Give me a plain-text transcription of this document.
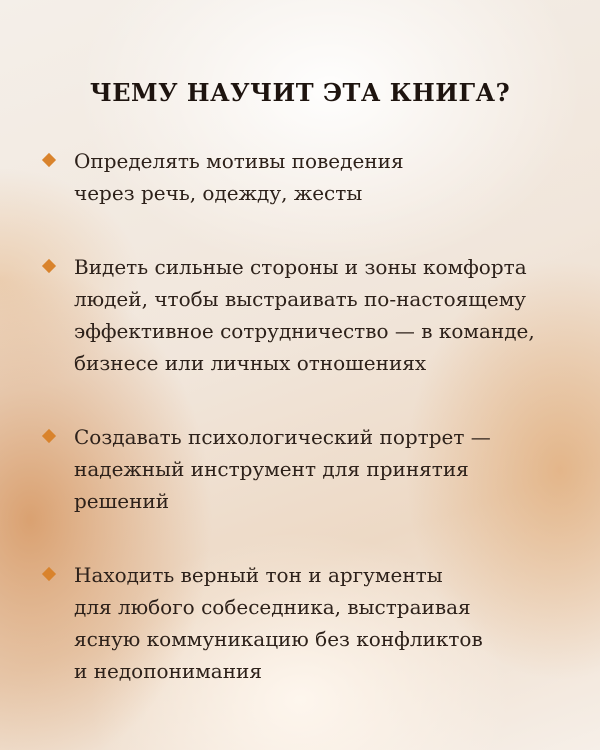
ЧЕМУ НАУЧИТ ЭТА КНИГА?
Определять мотивы поведения
через речь, одежду, жесты
Видеть сильные стороны и зоны комфорта
людей, чтобы выстраивать по-настоящему
эффективное сотрудничество — в команде,
бизнесе или личных отношениях
Создавать психологический портрет —
надежный инструмент для принятия
решений
Находить верный тон и аргументы
для любого собеседника, выстраивая
ясную коммуникацию без конфликтов
и недопонимания
